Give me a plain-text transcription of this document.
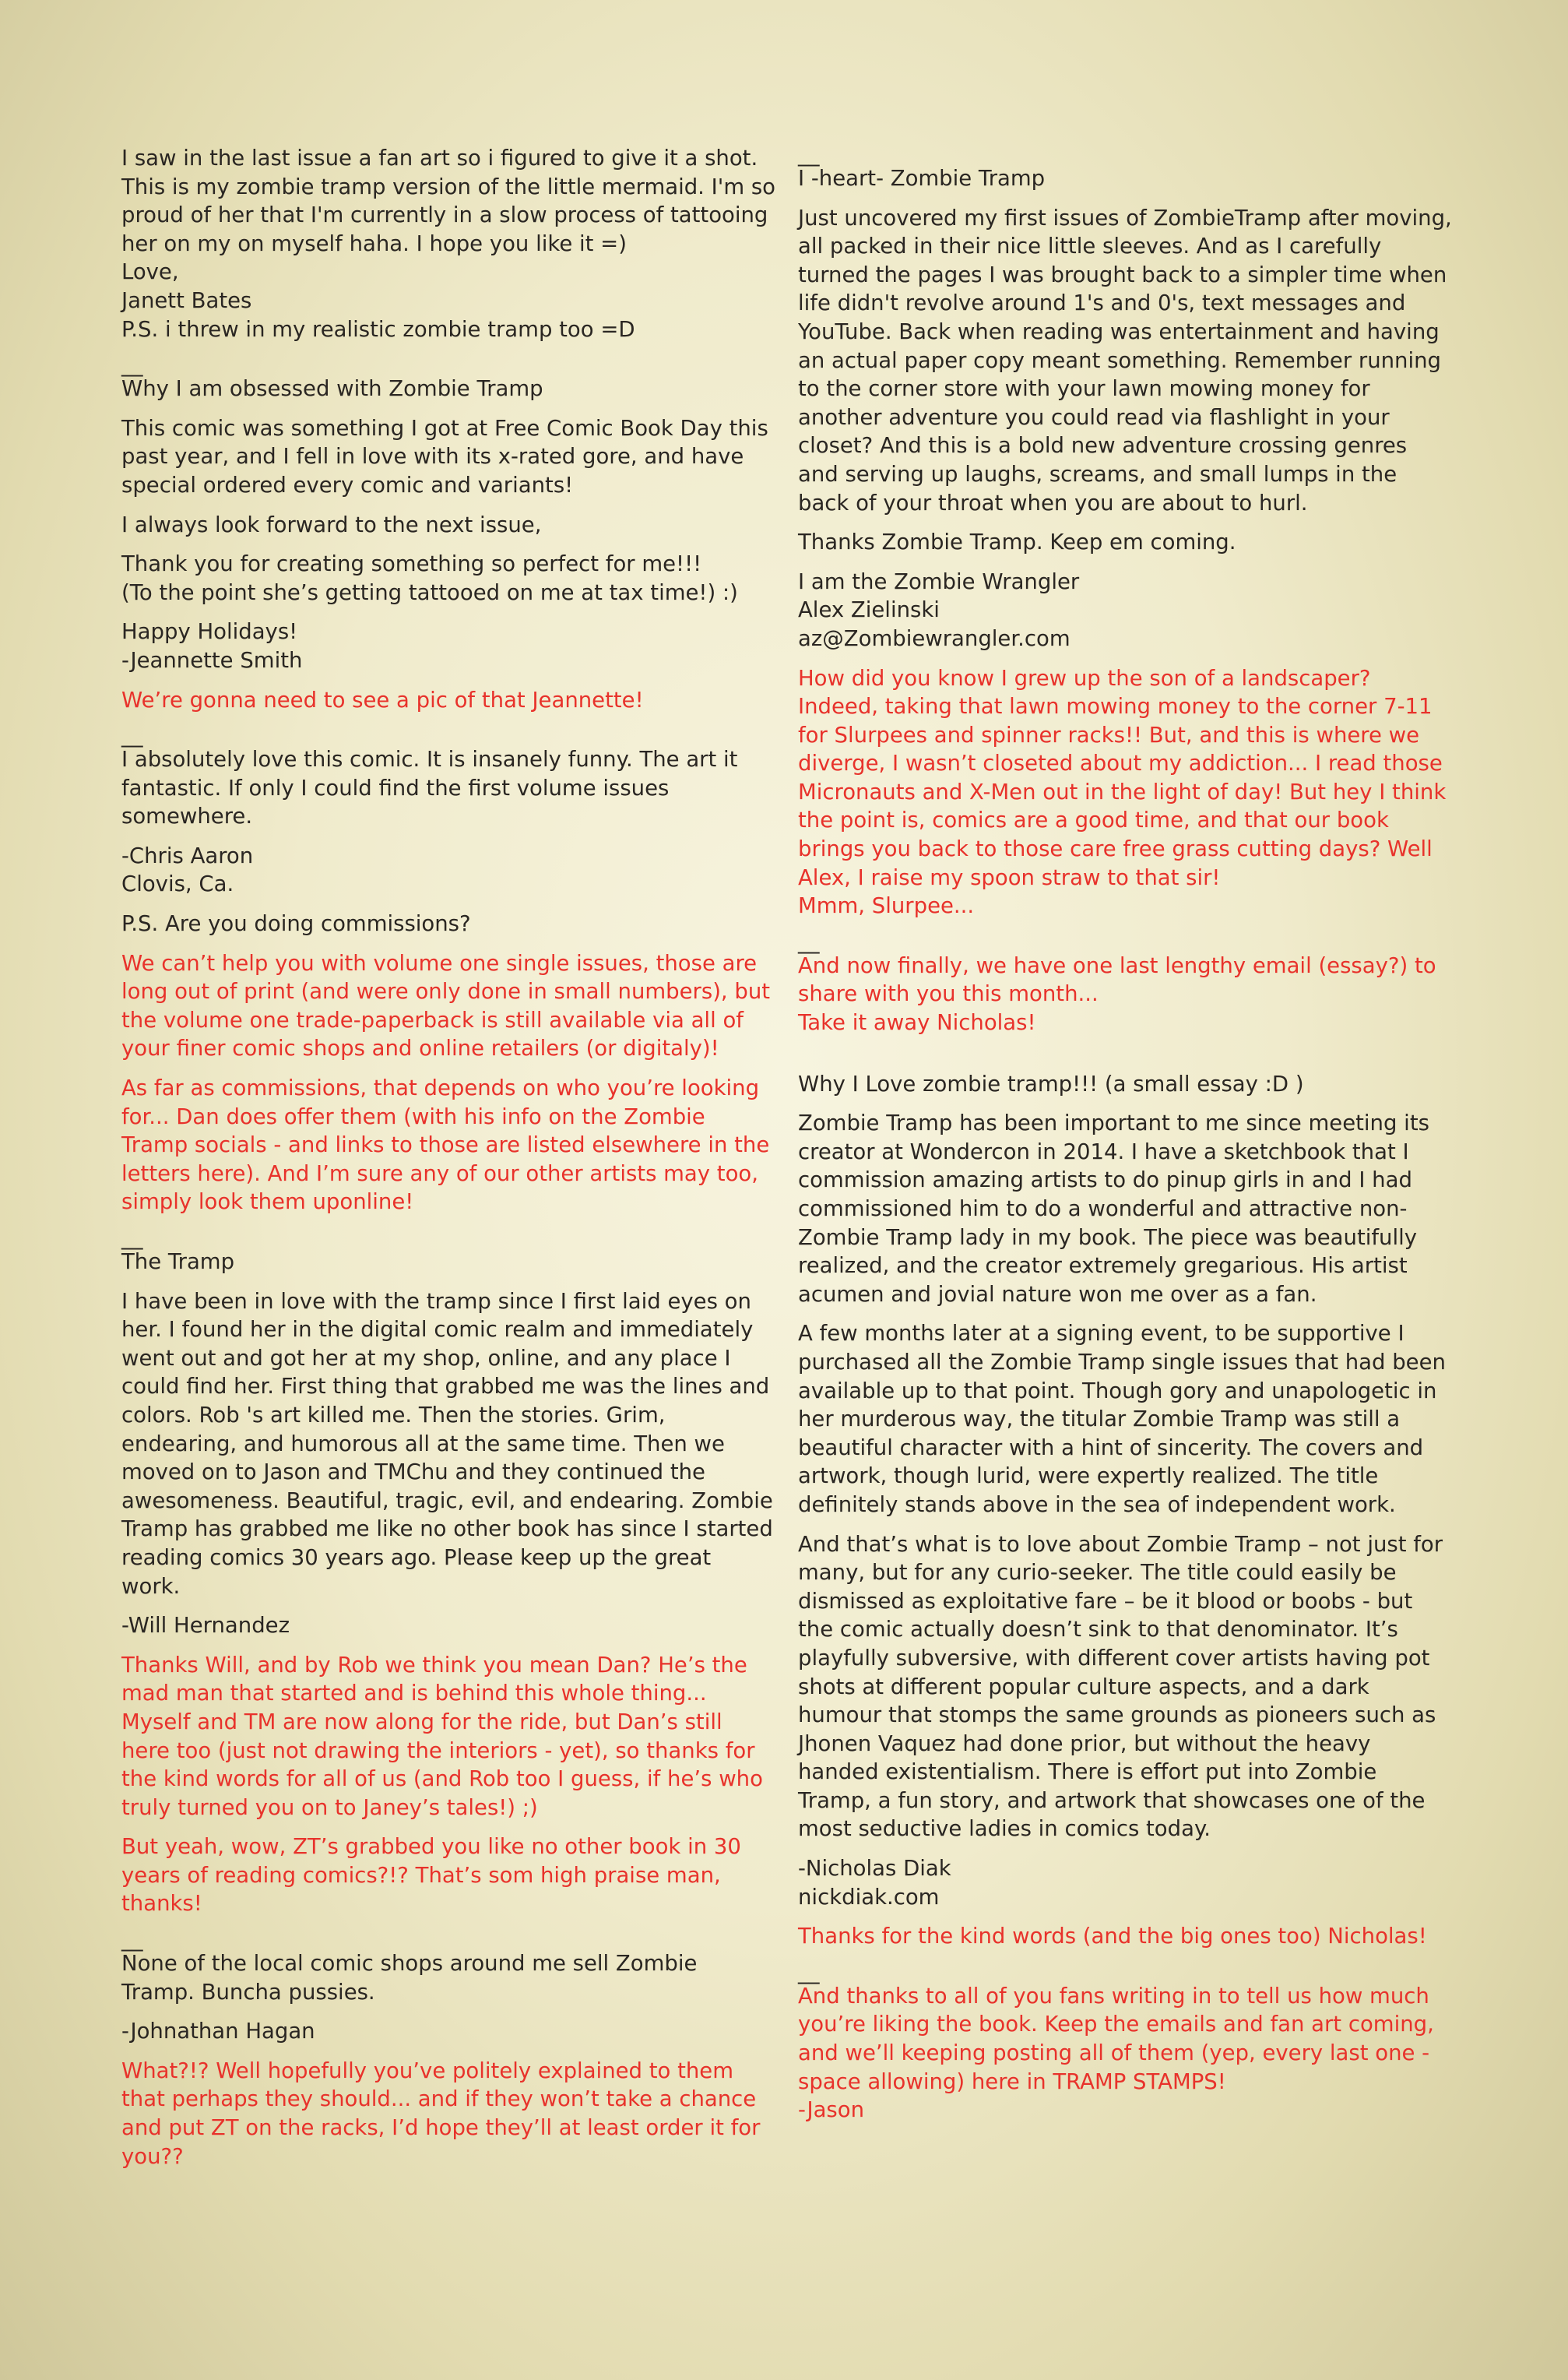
I saw in the last issue a fan art so i figured to give it a shot. This is my zombie tramp version of the little mermaid. I'm so proud of her that I'm currently in a slow process of tattooing her on my on myself haha. I hope you like it =)
Love,
Janett Bates
P.S. i threw in my realistic zombie tramp too =D

__

Why I am obsessed with Zombie Tramp

This comic was something I got at Free Comic Book Day this past year, and I fell in love with its x-rated gore, and have special ordered every comic and variants!

I always look forward to the next issue,

Thank you for creating something so perfect for me!!!
(To the point she’s getting tattooed on me at tax time!) :)

Happy Holidays!
-Jeannette Smith

We’re gonna need to see a pic of that Jeannette!

__

I absolutely love this comic. It is insanely funny. The art it fantastic. If only I could find the first volume issues somewhere.

-Chris Aaron
Clovis, Ca.

P.S. Are you doing commissions?

We can’t help you with volume one single issues, those are long out of print (and were only done in small numbers), but the volume one trade-paperback is still available via all of your finer comic shops and online retailers (or digitaly)!

As far as commissions, that depends on who you’re looking for... Dan does offer them (with his info on the Zombie Tramp socials - and links to those are listed elsewhere in the letters here). And I’m sure any of our other artists may too, simply look them uponline!

__

The Tramp

I have been in love with the tramp since I first laid eyes on her. I found her in the digital comic realm and immediately went out and got her at my shop, online, and any place I could find her. First thing that grabbed me was the lines and colors. Rob 's art killed me. Then the stories. Grim, endearing, and humorous all at the same time. Then we moved on to Jason and TMChu and they continued the awesomeness. Beautiful, tragic, evil, and endearing. Zombie Tramp has grabbed me like no other book has since I started reading comics 30 years ago. Please keep up the great work.

-Will Hernandez

Thanks Will, and by Rob we think you mean Dan? He’s the mad man that started and is behind this whole thing... Myself and TM are now along for the ride, but Dan’s still here too (just not drawing the interiors - yet), so thanks for the kind words for all of us (and Rob too I guess, if he’s who truly turned you on to Janey’s tales!) ;)

But yeah, wow, ZT’s grabbed you like no other book in 30 years of reading comics?!? That’s som high praise man, thanks!

__

None of the local comic shops around me sell Zombie Tramp. Buncha pussies.

-Johnathan Hagan

What?!? Well hopefully you’ve politely explained to them that perhaps they should... and if they won’t take a chance and put ZT on the racks, I’d hope they’ll at least order it for you??

__

I -heart- Zombie Tramp

Just uncovered my first issues of ZombieTramp after moving, all packed in their nice little sleeves. And as I carefully turned the pages I was brought back to a simpler time when life didn't revolve around 1's and 0's, text messages and YouTube. Back when reading was entertainment and having an actual paper copy meant something. Remember running to the corner store with your lawn mowing money for another adventure you could read via flashlight in your closet? And this is a bold new adventure crossing genres and serving up laughs, screams, and small lumps in the back of your throat when you are about to hurl.

Thanks Zombie Tramp. Keep em coming.

I am the Zombie Wrangler
Alex Zielinski
az@Zombiewrangler.com

How did you know I grew up the son of a landscaper? Indeed, taking that lawn mowing money to the corner 7-11 for Slurpees and spinner racks!! But, and this is where we diverge, I wasn’t closeted about my addiction... I read those Micronauts and X-Men out in the light of day! But hey I think the point is, comics are a good time, and that our book brings you back to those care free grass cutting days? Well Alex, I raise my spoon straw to that sir!
Mmm, Slurpee...

__

And now finally, we have one last lengthy email (essay?) to share with you this month...
Take it away Nicholas!

Why I Love zombie tramp!!! (a small essay :D )

Zombie Tramp has been important to me since meeting its creator at Wondercon in 2014. I have a sketchbook that I commission amazing artists to do pinup girls in and I had commissioned him to do a wonderful and attractive non-Zombie Tramp lady in my book. The piece was beautifully realized, and the creator extremely gregarious. His artist acumen and jovial nature won me over as a fan.

A few months later at a signing event, to be supportive I purchased all the Zombie Tramp single issues that had been available up to that point. Though gory and unapologetic in her murderous way, the titular Zombie Tramp was still a beautiful character with a hint of sincerity. The covers and artwork, though lurid, were expertly realized. The title definitely stands above in the sea of independent work.

And that’s what is to love about Zombie Tramp – not just for many, but for any curio-seeker. The title could easily be dismissed as exploitative fare – be it blood or boobs - but the comic actually doesn’t sink to that denominator. It’s playfully subversive, with different cover artists having pot shots at different popular culture aspects, and a dark humour that stomps the same grounds as pioneers such as Jhonen Vaquez had done prior, but without the heavy handed existentialism. There is effort put into Zombie Tramp, a fun story, and artwork that showcases one of the most seductive ladies in comics today.

-Nicholas Diak
nickdiak.com

Thanks for the kind words (and the big ones too) Nicholas!

__

And thanks to all of you fans writing in to tell us how much you’re liking the book. Keep the emails and fan art coming, and we’ll keeping posting all of them (yep, every last one - space allowing) here in TRAMP STAMPS!
-Jason
